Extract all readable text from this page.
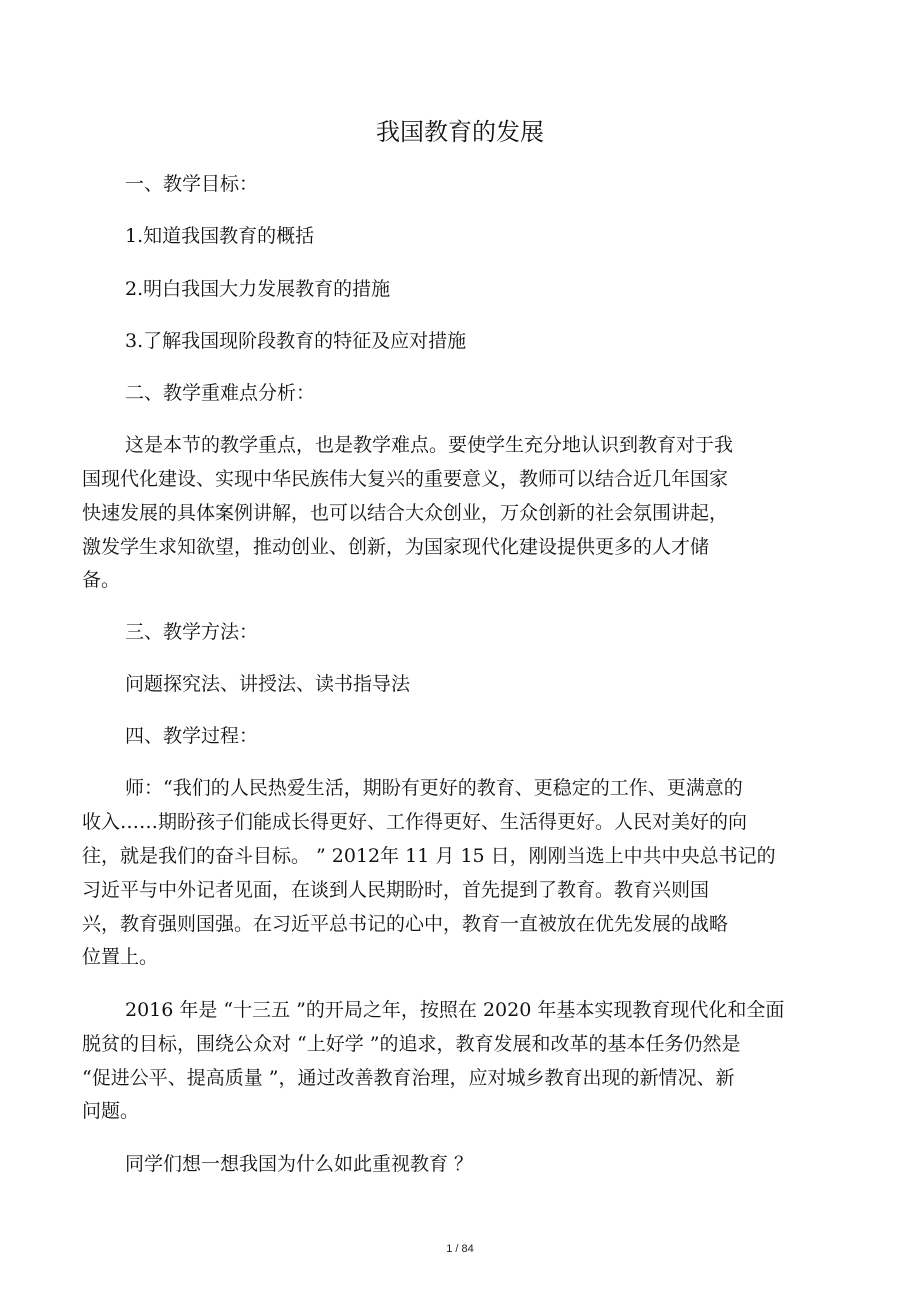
我国教育的发展
一、教学目标：
1.知道我国教育的概括
2.明白我国大力发展教育的措施
3.了解我国现阶段教育的特征及应对措施
二、教学重难点分析：
这是本节的教学重点，也是教学难点。要使学生充分地认识到教育对于我
国现代化建设、实现中华民族伟大复兴的重要意义，教师可以结合近几年国家
快速发展的具体案例讲解，也可以结合大众创业，万众创新的社会氛围讲起，
激发学生求知欲望，推动创业、创新，为国家现代化建设提供更多的人才储
备。
三、教学方法：
问题探究法、讲授法、读书指导法
四、教学过程：
师：“我们的人民热爱生活，期盼有更好的教育、更稳定的工作、更满意的
收入……期盼孩子们能成长得更好、工作得更好、生活得更好。人民对美好的向
往，就是我们的奋斗目标。 ” 2012年 11 月 15 日，刚刚当选上中共中央总书记的
习近平与中外记者见面，在谈到人民期盼时，首先提到了教育。教育兴则国
兴，教育强则国强。在习近平总书记的心中，教育一直被放在优先发展的战略
位置上。
2016 年是 “十三五 ”的开局之年，按照在 2020 年基本实现教育现代化和全面
脱贫的目标，围绕公众对 “上好学 ”的追求，教育发展和改革的基本任务仍然是
“促进公平、提高质量 ”，通过改善教育治理，应对城乡教育出现的新情况、新
问题。
同学们想一想我国为什么如此重视教育 ？
1 / 84
